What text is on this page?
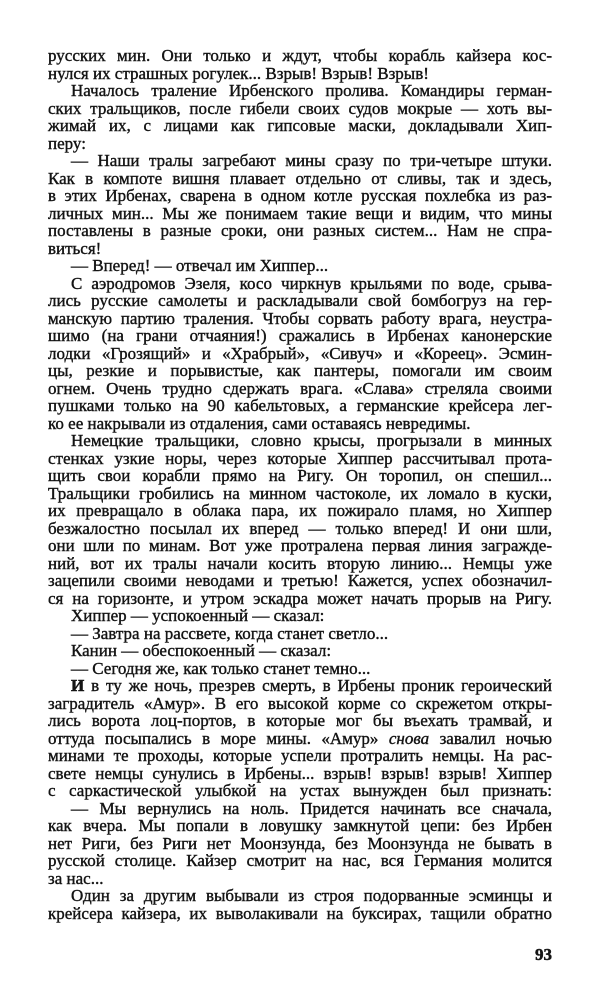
русских мин. Они только и ждут, чтобы корабль кайзера кос-
нулся их страшных рогулек... Взрыв! Взрыв! Взрыв!
Началось траление Ирбенского пролива. Командиры герман-
ских тральщиков, после гибели своих судов мокрые — хоть вы-
жимай их, с лицами как гипсовые маски, докладывали Хип-
перу:
— Наши тралы загребают мины сразу по три-четыре штуки.
Как в компоте вишня плавает отдельно от сливы, так и здесь,
в этих Ирбенах, сварена в одном котле русская похлебка из раз-
личных мин... Мы же понимаем такие вещи и видим, что мины
поставлены в разные сроки, они разных систем... Нам не спра-
виться!
— Вперед! — отвечал им Хиппер...
С аэродромов Эзеля, косо чиркнув крыльями по воде, срыва-
лись русские самолеты и раскладывали свой бомбогруз на гер-
манскую партию траления. Чтобы сорвать работу врага, неустра-
шимо (на грани отчаяния!) сражались в Ирбенах канонерские
лодки «Грозящий» и «Храбрый», «Сивуч» и «Кореец». Эсмин-
цы, резкие и порывистые, как пантеры, помогали им своим
огнем. Очень трудно сдержать врага. «Слава» стреляла своими
пушками только на 90 кабельтовых, а германские крейсера лег-
ко ее накрывали из отдаления, сами оставаясь невредимы.
Немецкие тральщики, словно крысы, прогрызали в минных
стенках узкие норы, через которые Хиппер рассчитывал прота-
щить свои корабли прямо на Ригу. Он торопил, он спешил...
Тральщики гробились на минном частоколе, их ломало в куски,
их превращало в облака пара, их пожирало пламя, но Хиппер
безжалостно посылал их вперед — только вперед! И они шли,
они шли по минам. Вот уже протралена первая линия загражде-
ний, вот их тралы начали косить вторую линию... Немцы уже
зацепили своими неводами и третью! Кажется, успех обозначил-
ся на горизонте, и утром эскадра может начать прорыв на Ригу.
Хиппер — успокоенный — сказал:
— Завтра на рассвете, когда станет светло...
Канин — обеспокоенный — сказал:
— Сегодня же, как только станет темно...
И в ту же ночь, презрев смерть, в Ирбены проник героический
заградитель «Амур». В его высокой корме со скрежетом откры-
лись ворота лоц-портов, в которые мог бы въехать трамвай, и
оттуда посыпались в море мины. «Амур» снова завалил ночью
минами те проходы, которые успели протралить немцы. На рас-
свете немцы сунулись в Ирбены... взрыв! взрыв! взрыв! Хиппер
с саркастической улыбкой на устах вынужден был признать:
— Мы вернулись на ноль. Придется начинать все сначала,
как вчера. Мы попали в ловушку замкнутой цепи: без Ирбен
нет Риги, без Риги нет Моонзунда, без Моонзунда не бывать в
русской столице. Кайзер смотрит на нас, вся Германия молится
за нас...
Один за другим выбывали из строя подорванные эсминцы и
крейсера кайзера, их выволакивали на буксирах, тащили обратно
93
